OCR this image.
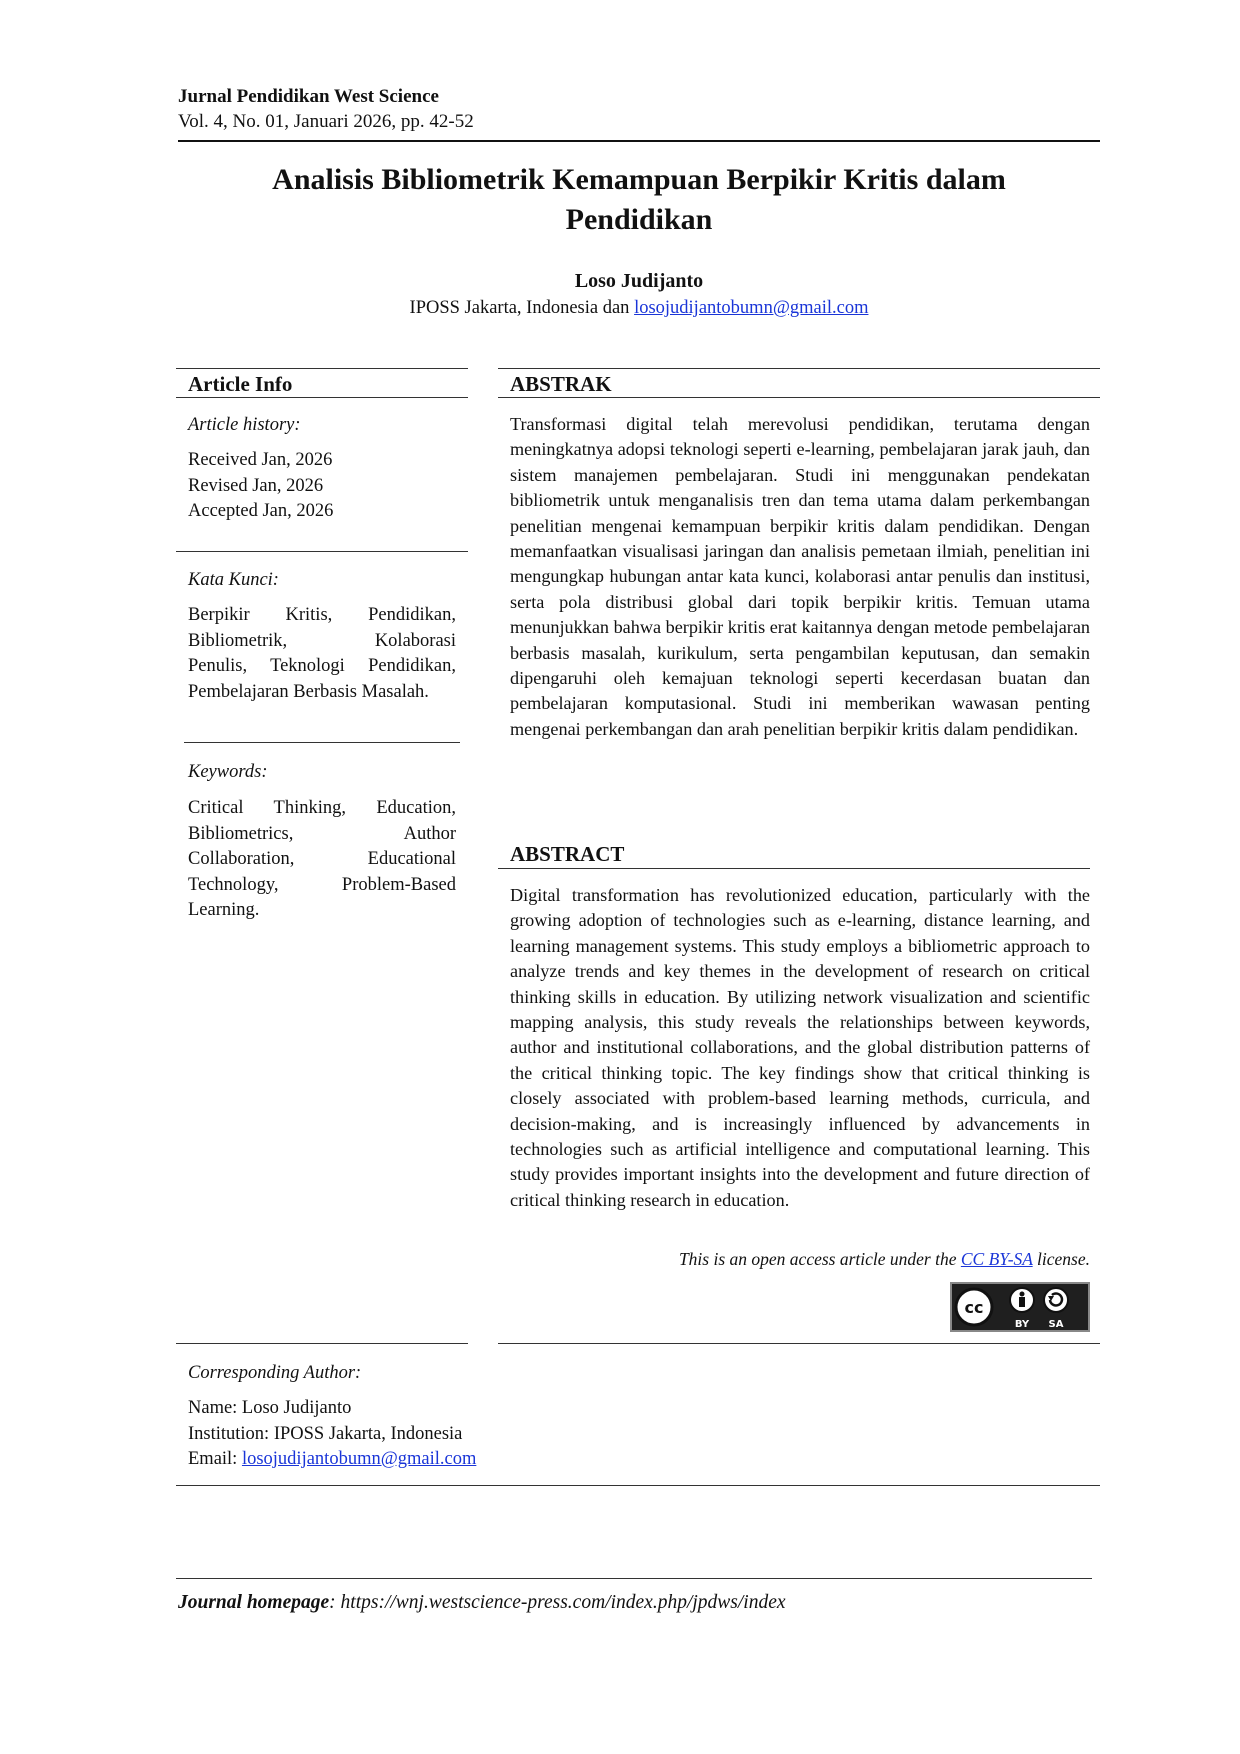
Jurnal Pendidikan West Science
Vol. 4, No. 01, Januari 2026, pp. 42-52
Analisis Bibliometrik Kemampuan Berpikir Kritis dalam
Pendidikan
Loso Judijanto
IPOSS Jakarta, Indonesia dan losojudijantobumn@gmail.com
Article Info
Article history:
Received Jan, 2026
Revised Jan, 2026
Accepted Jan, 2026
Kata Kunci:
Berpikir Kritis, Pendidikan,
Bibliometrik, Kolaborasi
Penulis, Teknologi Pendidikan,
Pembelajaran Berbasis Masalah.
Keywords:
Critical Thinking, Education,
Bibliometrics, Author
Collaboration, Educational
Technology, Problem-Based
Learning.
ABSTRAK
Transformasi digital telah merevolusi pendidikan, terutama dengan meningkatnya adopsi teknologi seperti e-learning, pembelajaran jarak jauh, dan sistem manajemen pembelajaran. Studi ini menggunakan pendekatan bibliometrik untuk menganalisis tren dan tema utama dalam perkembangan penelitian mengenai kemampuan berpikir kritis dalam pendidikan. Dengan memanfaatkan visualisasi jaringan dan analisis pemetaan ilmiah, penelitian ini mengungkap hubungan antar kata kunci, kolaborasi antar penulis dan institusi, serta pola distribusi global dari topik berpikir kritis. Temuan utama menunjukkan bahwa berpikir kritis erat kaitannya dengan metode pembelajaran berbasis masalah, kurikulum, serta pengambilan keputusan, dan semakin dipengaruhi oleh kemajuan teknologi seperti kecerdasan buatan dan pembelajaran komputasional. Studi ini memberikan wawasan penting mengenai perkembangan dan arah penelitian berpikir kritis dalam pendidikan.
ABSTRACT
Digital transformation has revolutionized education, particularly with the growing adoption of technologies such as e-learning, distance learning, and learning management systems. This study employs a bibliometric approach to analyze trends and key themes in the development of research on critical thinking skills in education. By utilizing network visualization and scientific mapping analysis, this study reveals the relationships between keywords, author and institutional collaborations, and the global distribution patterns of the critical thinking topic. The key findings show that critical thinking is closely associated with problem-based learning methods, curricula, and decision-making, and is increasingly influenced by advancements in technologies such as artificial intelligence and computational learning. This study provides important insights into the development and future direction of critical thinking research in education.
This is an open access article under the CC BY-SA license.
cc
BY SA
Corresponding Author:
Name: Loso Judijanto
Institution: IPOSS Jakarta, Indonesia
Email: losojudijantobumn@gmail.com
Journal homepage: https://wnj.westscience-press.com/index.php/jpdws/index
